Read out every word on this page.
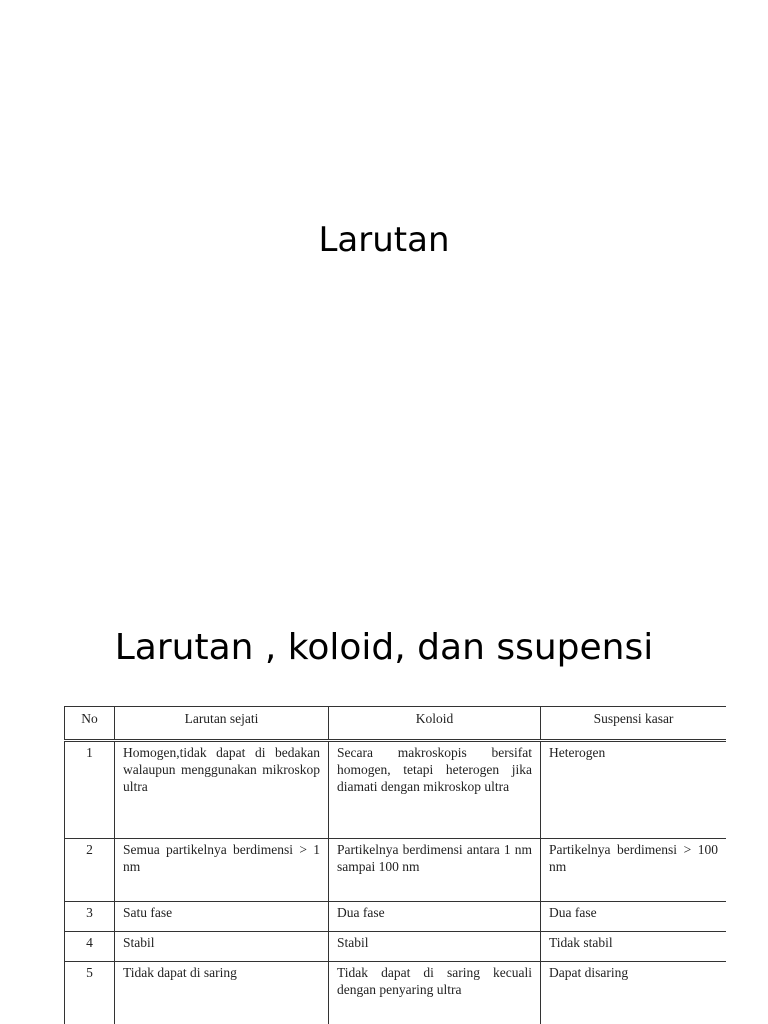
Larutan
Larutan , koloid, dan ssupensi
No	Larutan sejati	Koloid	Suspensi kasar
1	Homogen,tidak dapat di bedakan walaupun menggunakan mikroskop ultra	Secara makroskopis bersifat homogen, tetapi heterogen jika diamati dengan mikroskop ultra	Heterogen
2	Semua partikelnya berdimensi > 1 nm	Partikelnya berdimensi antara 1 nm sampai 100 nm	Partikelnya berdimensi > 100 nm
3	Satu fase	Dua fase	Dua fase
4	Stabil	Stabil	Tidak stabil
5	Tidak dapat di saring	Tidak dapat di saring kecuali dengan penyaring ultra	Dapat disaring
